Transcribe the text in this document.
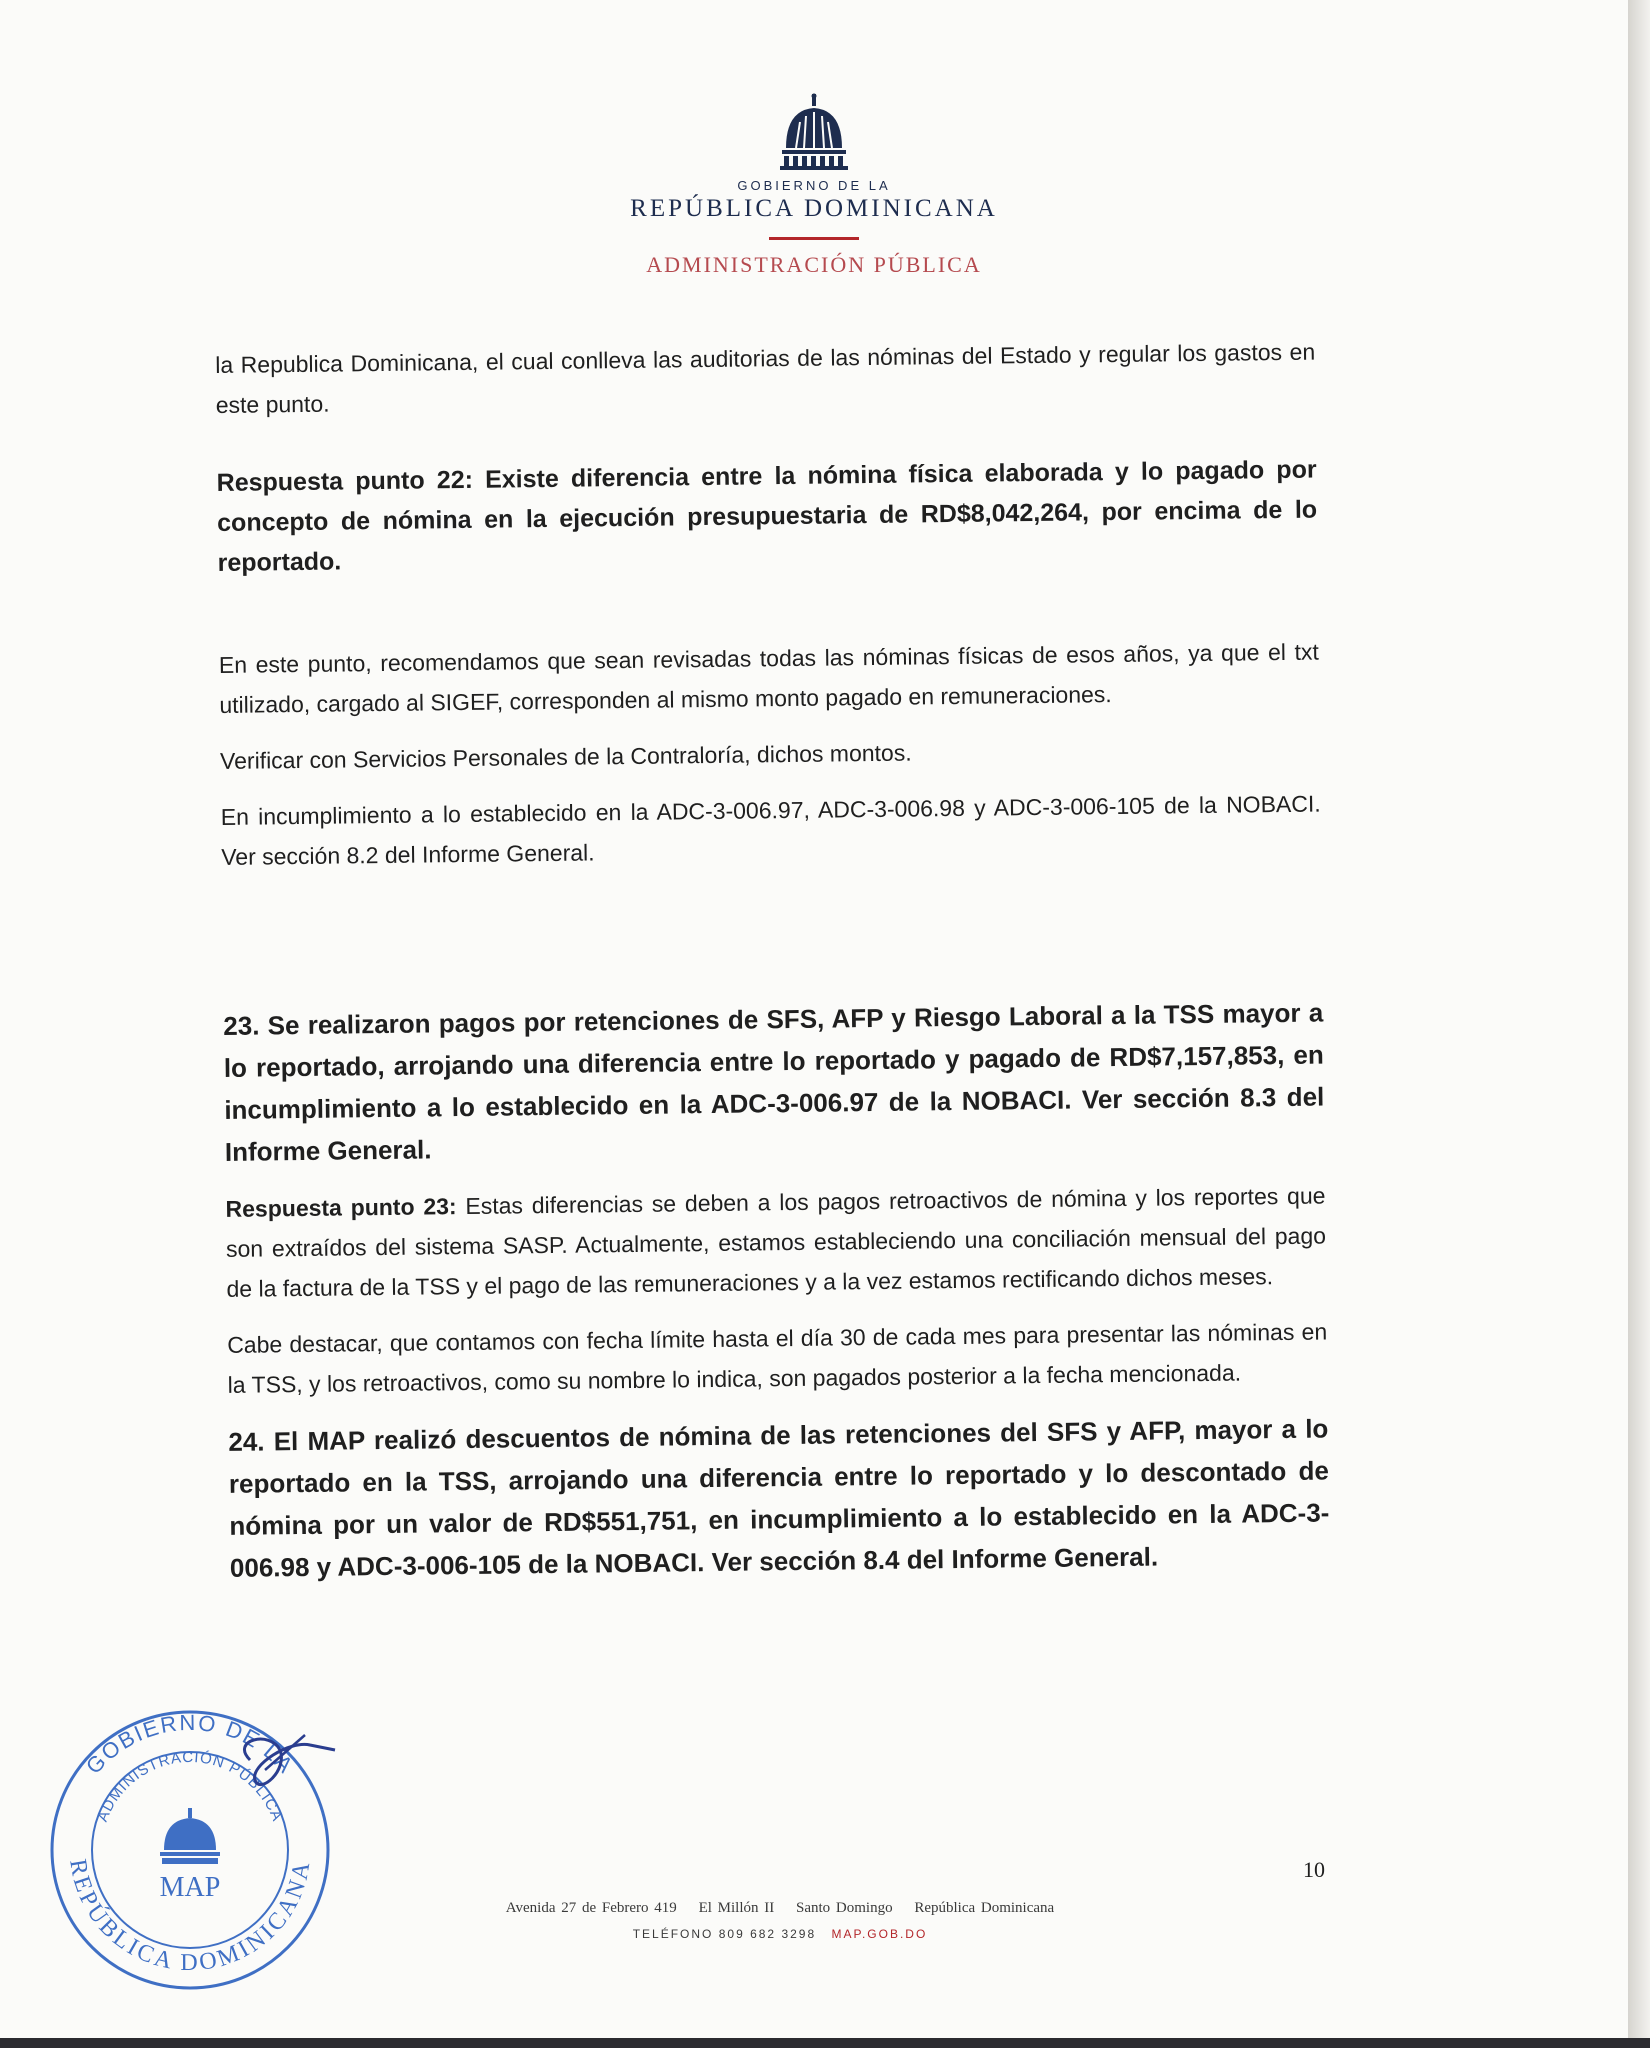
GOBIERNO DE LA
REPÚBLICA DOMINICANA
ADMINISTRACIÓN PÚBLICA

la Republica Dominicana, el cual conlleva las auditorias de las nóminas del Estado y regular los gastos en este punto.

Respuesta punto 22: Existe diferencia entre la nómina física elaborada y lo pagado por concepto de nómina en la ejecución presupuestaria de RD$8,042,264, por encima de lo reportado.

En este punto, recomendamos que sean revisadas todas las nóminas físicas de esos años, ya que el txt utilizado, cargado al SIGEF, corresponden al mismo monto pagado en remuneraciones.

Verificar con Servicios Personales de la Contraloría, dichos montos.

En incumplimiento a lo establecido en la ADC-3-006.97, ADC-3-006.98 y ADC-3-006-105 de la NOBACI. Ver sección 8.2 del Informe General.

23. Se realizaron pagos por retenciones de SFS, AFP y Riesgo Laboral a la TSS mayor a lo reportado, arrojando una diferencia entre lo reportado y pagado de RD$7,157,853, en incumplimiento a lo establecido en la ADC-3-006.97 de la NOBACI. Ver sección 8.3 del Informe General.

Respuesta punto 23: Estas diferencias se deben a los pagos retroactivos de nómina y los reportes que son extraídos del sistema SASP. Actualmente, estamos estableciendo una conciliación mensual del pago de la factura de la TSS y el pago de las remuneraciones y a la vez estamos rectificando dichos meses.

Cabe destacar, que contamos con fecha límite hasta el día 30 de cada mes para presentar las nóminas en la TSS, y los retroactivos, como su nombre lo indica, son pagados posterior a la fecha mencionada.

24. El MAP realizó descuentos de nómina de las retenciones del SFS y AFP, mayor a lo reportado en la TSS, arrojando una diferencia entre lo reportado y lo descontado de nómina por un valor de RD$551,751, en incumplimiento a lo establecido en la ADC-3-006.98 y ADC-3-006-105 de la NOBACI. Ver sección 8.4 del Informe General.

10
Avenida 27 de Febrero 419 El Millón II Santo Domingo República Dominicana
TELÉFONO 809 682 3298 MAP.GOB.DO
GOBIERNO DE LA
ADMINISTRACIÓN PÚBLICA
REPÚBLICA DOMINICANA
MAP
